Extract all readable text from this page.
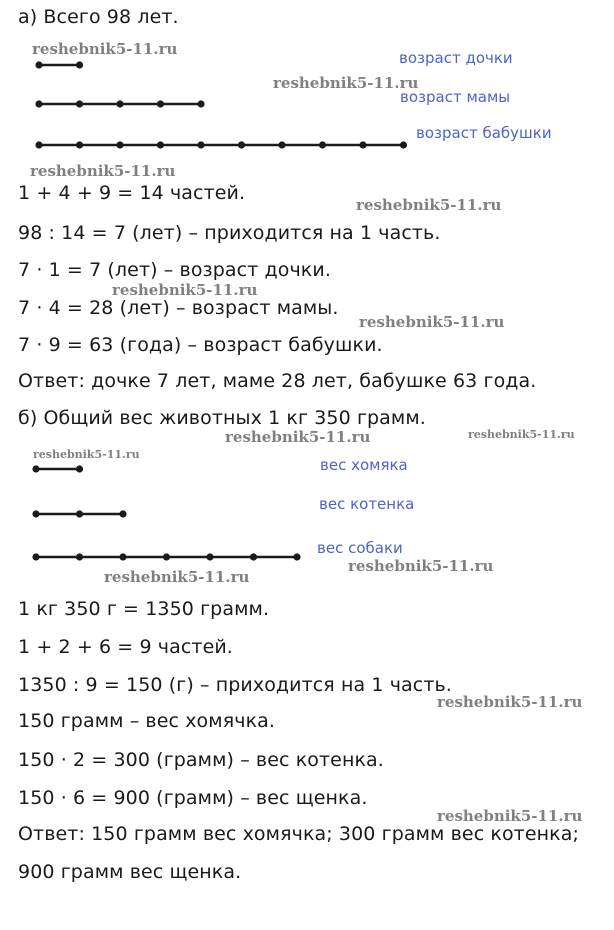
а) Всего 98 лет.
возраст дочки
возраст мамы
возраст бабушки
1 + 4 + 9 = 14 частей.
98 : 14 = 7 (лет) – приходится на 1 часть.
7 · 1 = 7 (лет) – возраст дочки.
7 · 4 = 28 (лет) – возраст мамы.
7 · 9 = 63 (года) – возраст бабушки.
Ответ: дочке 7 лет, маме 28 лет, бабушке 63 года.
б) Общий вес животных 1 кг 350 грамм.
вес хомяка
вес котенка
вес собаки
1 кг 350 г = 1350 грамм.
1 + 2 + 6 = 9 частей.
1350 : 9 = 150 (г) – приходится на 1 часть.
150 грамм – вес хомячка.
150 · 2 = 300 (грамм) – вес котенка.
150 · 6 = 900 (грамм) – вес щенка.
Ответ: 150 грамм вес хомячка; 300 грамм вес котенка;
900 грамм вес щенка.
reshebnik5-11.ru
reshebnik5-11.ru
reshebnik5-11.ru
reshebnik5-11.ru
reshebnik5-11.ru
reshebnik5-11.ru
reshebnik5-11.ru	reshebnik5-11.ru
reshebnik5-11.ru
reshebnik5-11.ru
reshebnik5-11.ru
reshebnik5-11.ru
reshebnik5-11.ru
